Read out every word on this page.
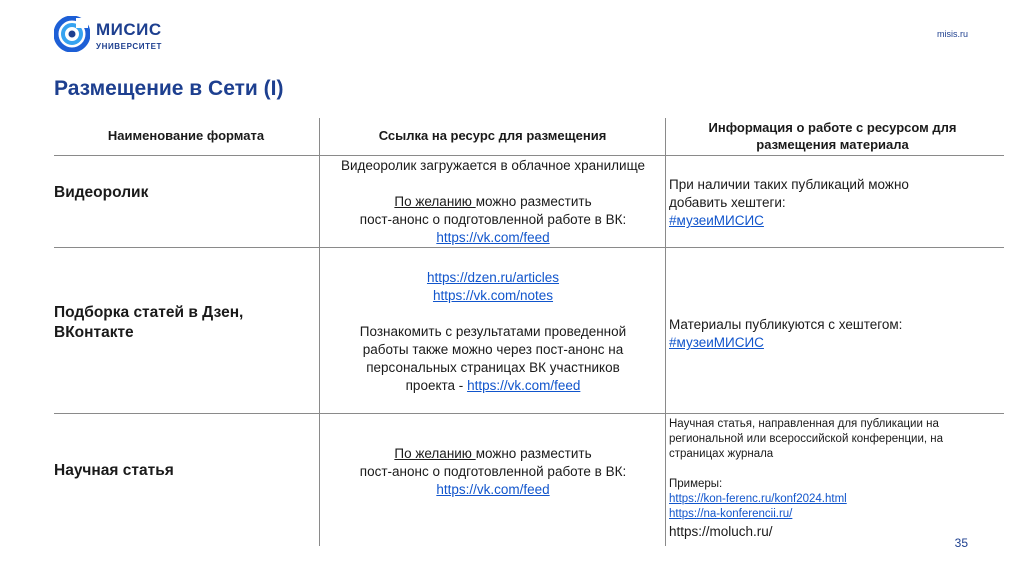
МИСИС
УНИВЕРСИТЕТ
misis.ru
Размещение в Сети (I)
Наименование формата	Ссылка на ресурс для размещения
Информация о работе с ресурсом для размещения материала
Видеоролик

Видеоролик загружается в облачное хранилище

По желанию можно разместить

пост-анонс о подготовленной работе в ВК:

https://vk.com/feed

При наличии таких публикаций можно

добавить хештеги:

#музеиМИСИС

Подборка статей в Дзен, ВКонтакте

https://dzen.ru/articles

https://vk.com/notes

Познакомить с результатами проведенной

работы также можно через пост-анонс на

персональных страницах ВК участников

проекта - https://vk.com/feed

Материалы публикуются с хештегом:

#музеиМИСИС

Научная статья

По желанию можно разместить

пост-анонс о подготовленной работе в ВК:

https://vk.com/feed

Научная статья, направленная для публикации на

региональной или всероссийской конференции, на

страницах журнала

Примеры:

https://kon-ferenc.ru/konf2024.html

https://na-konferencii.ru/

https://moluch.ru/

35
